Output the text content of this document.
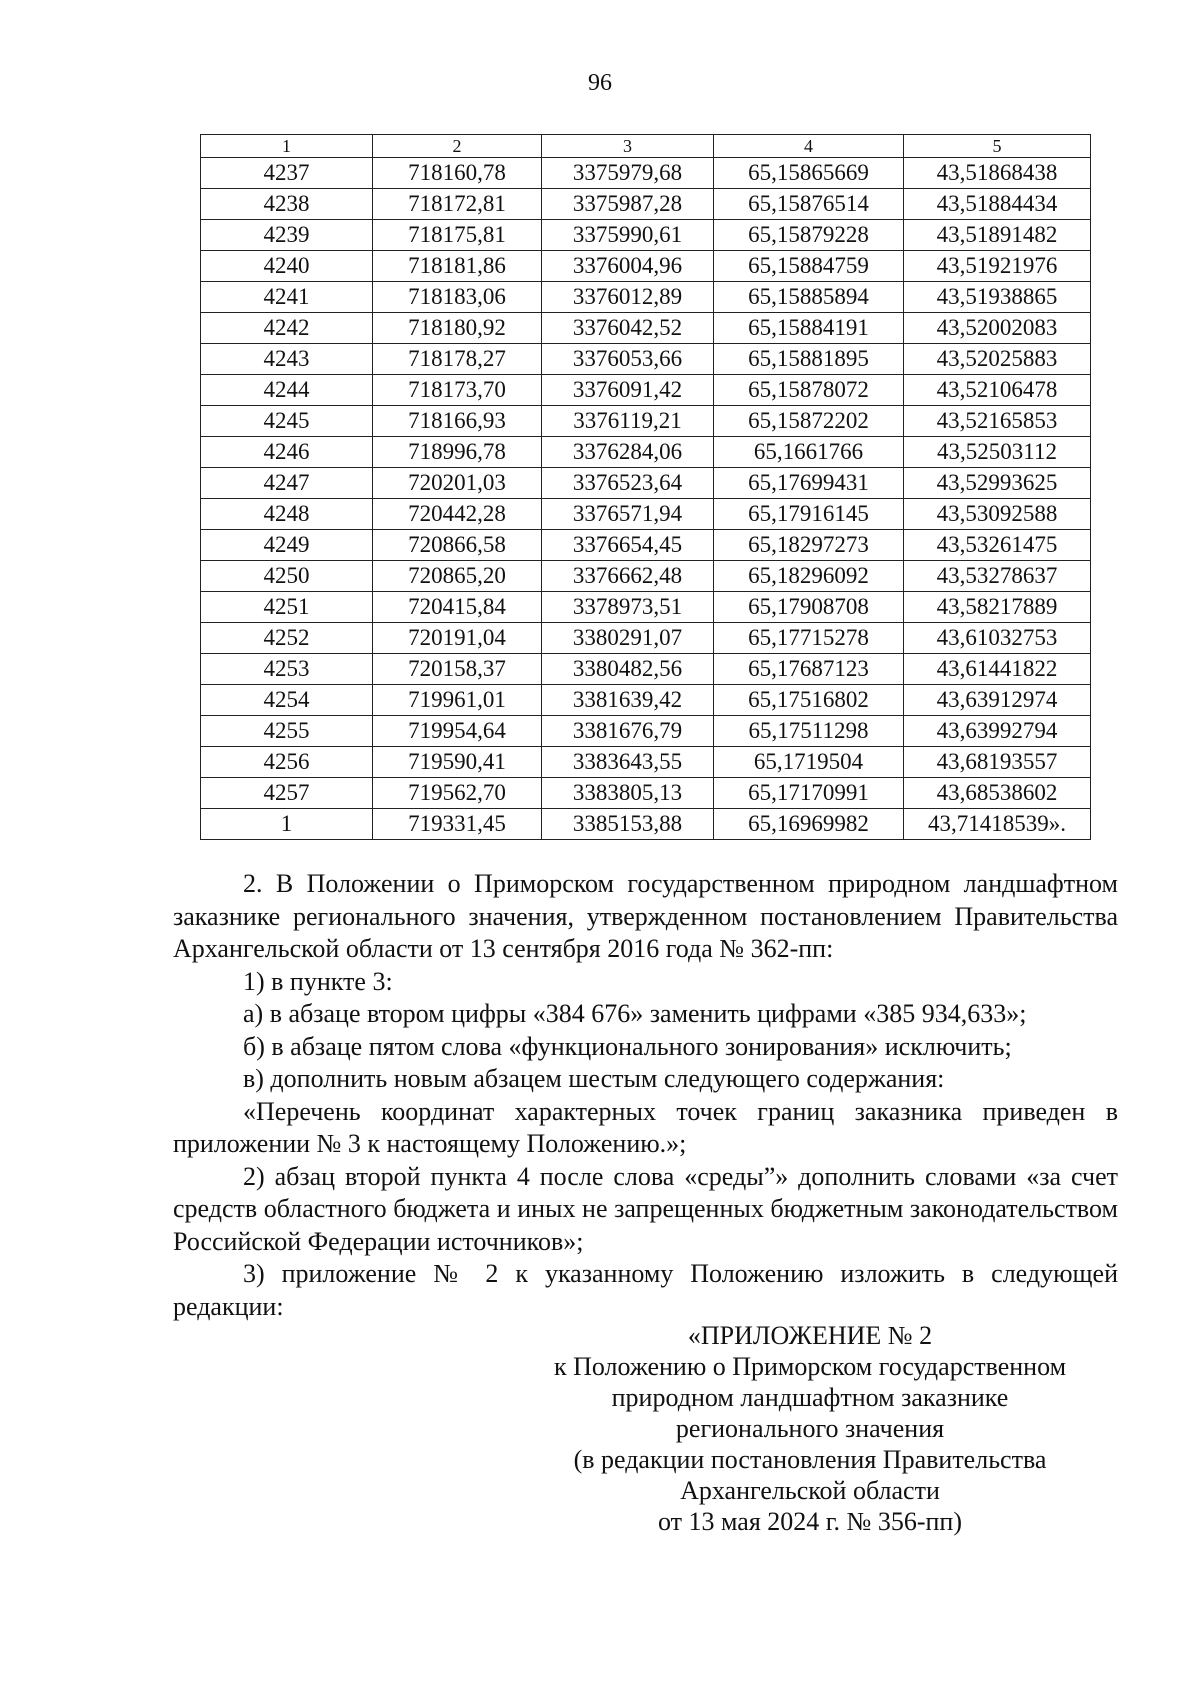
96
1	2	3	4	5
4237	718160,78	3375979,68	65,15865669	43,51868438
4238	718172,81	3375987,28	65,15876514	43,51884434
4239	718175,81	3375990,61	65,15879228	43,51891482
4240	718181,86	3376004,96	65,15884759	43,51921976
4241	718183,06	3376012,89	65,15885894	43,51938865
4242	718180,92	3376042,52	65,15884191	43,52002083
4243	718178,27	3376053,66	65,15881895	43,52025883
4244	718173,70	3376091,42	65,15878072	43,52106478
4245	718166,93	3376119,21	65,15872202	43,52165853
4246	718996,78	3376284,06	65,1661766	43,52503112
4247	720201,03	3376523,64	65,17699431	43,52993625
4248	720442,28	3376571,94	65,17916145	43,53092588
4249	720866,58	3376654,45	65,18297273	43,53261475
4250	720865,20	3376662,48	65,18296092	43,53278637
4251	720415,84	3378973,51	65,17908708	43,58217889
4252	720191,04	3380291,07	65,17715278	43,61032753
4253	720158,37	3380482,56	65,17687123	43,61441822
4254	719961,01	3381639,42	65,17516802	43,63912974
4255	719954,64	3381676,79	65,17511298	43,63992794
4256	719590,41	3383643,55	65,1719504	43,68193557
4257	719562,70	3383805,13	65,17170991	43,68538602
1	719331,45	3385153,88	65,16969982	43,71418539».

2. В Положении о Приморском государственном природном ландшафтном заказнике регионального значения, утвержденном постановлением Правительства Архангельской области от 13 сентября 2016 года № 362-пп:

1) в пункте 3:

а) в абзаце втором цифры «384 676» заменить цифрами «385 934,633»;

б) в абзаце пятом слова «функционального зонирования» исключить;

в) дополнить новым абзацем шестым следующего содержания:

«Перечень координат характерных точек границ заказника приведен в приложении № 3 к настоящему Положению.»;

2) абзац второй пункта 4 после слова «среды”» дополнить словами «за счет средств областного бюджета и иных не запрещенных бюджетным законодательством Российской Федерации источников»;

3) приложение № 2 к указанному Положению изложить в следующей редакции:

«ПРИЛОЖЕНИЕ № 2
к Положению о Приморском государственном
природном ландшафтном заказнике
регионального значения
(в редакции постановления Правительства
Архангельской области
от 13 мая 2024 г. № 356-пп)
